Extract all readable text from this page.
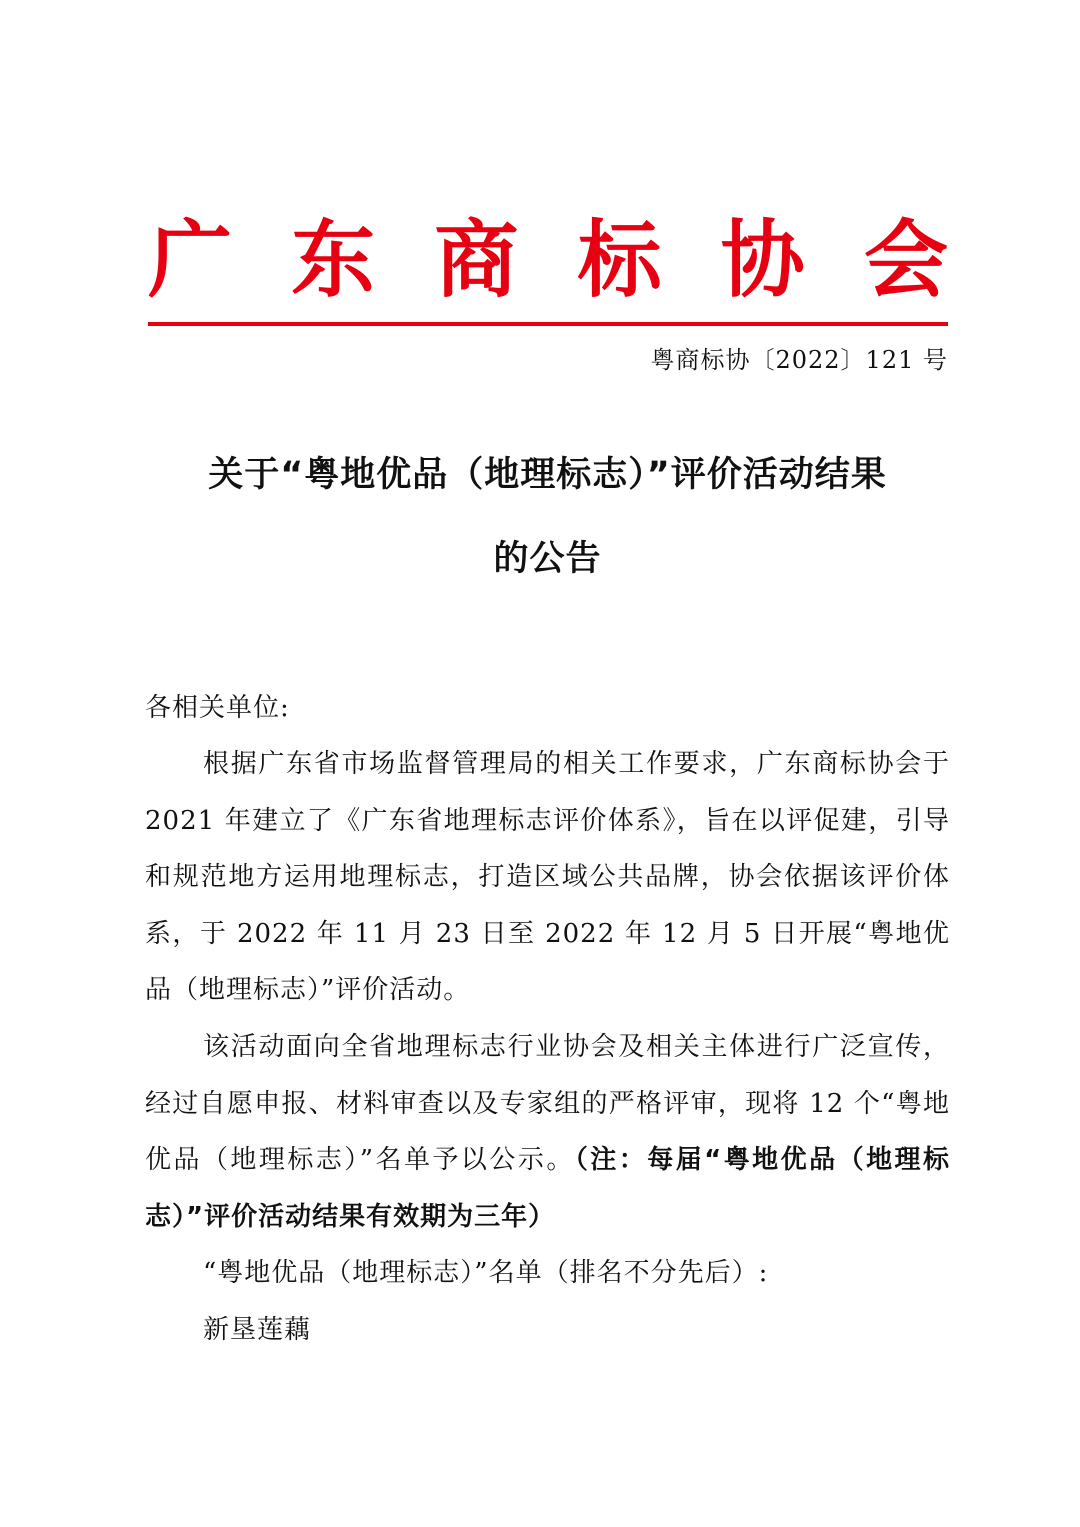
广 东 商 标 协 会
粤商标协〔2022〕121 号
关于“粤地优品（地理标志）”评价活动结果
的公告
各相关单位:
根据广东省市场监督管理局的相关工作要求，广东商标协会于 2021 年建立了《广东省地理标志评价体系》，旨在以评促建，引导和规范地方运用地理标志，打造区域公共品牌，协会依据该评价体系，于 2022 年 11 月 23 日至 2022 年 12 月 5 日开展“粤地优品（地理标志）”评价活动。
该活动面向全省地理标志行业协会及相关主体进行广泛宣传，经过自愿申报、材料审查以及专家组的严格评审，现将 12 个“粤地优品（地理标志）”名单予以公示。（注：每届“粤地优品（地理标志）”评价活动结果有效期为三年）
“粤地优品（地理标志）”名单（排名不分先后）:
新垦莲藕
